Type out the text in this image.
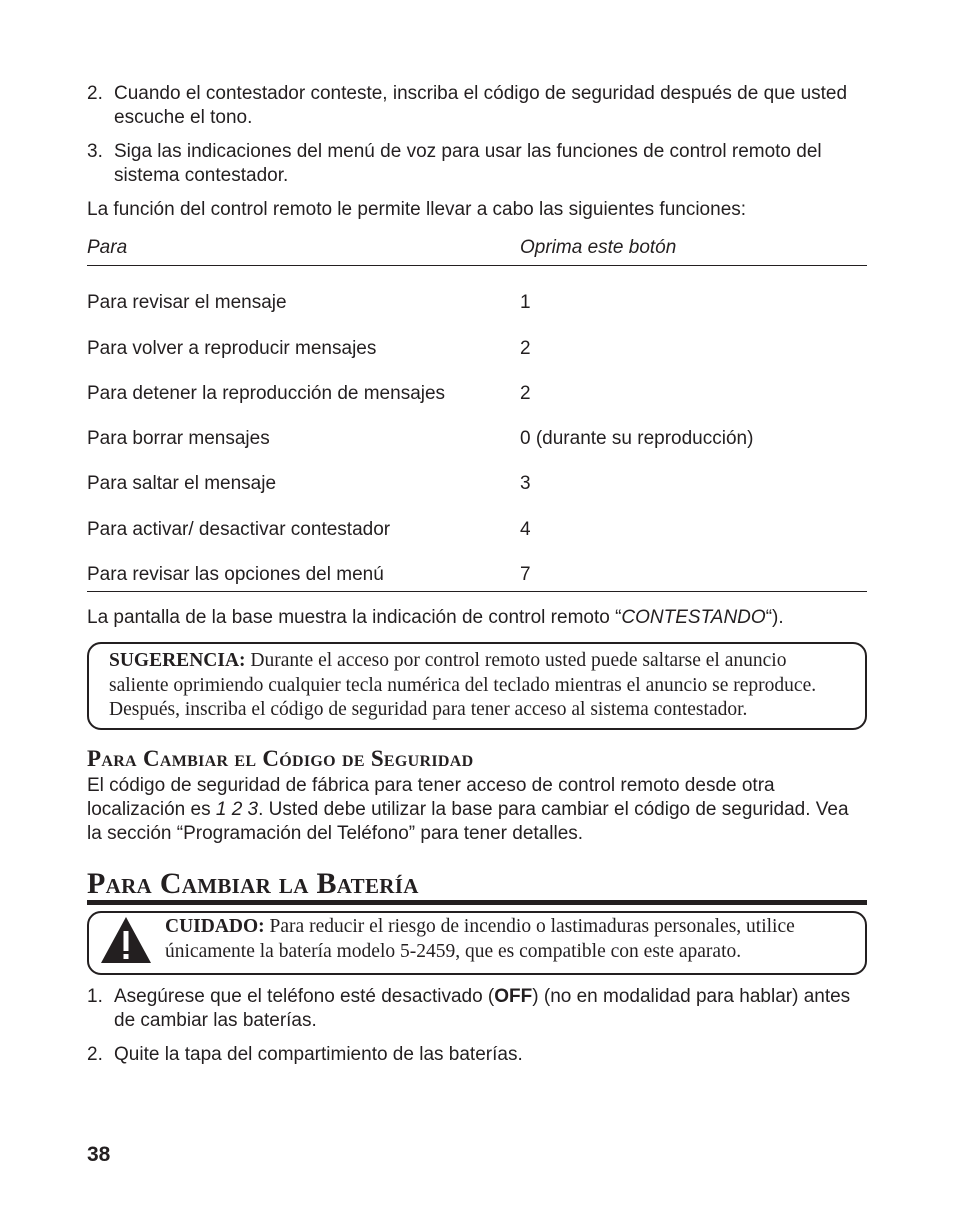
2. Cuando el contestador conteste, inscriba el código de seguridad después de que usted escuche el tono.
3. Siga las indicaciones del menú de voz para usar las funciones de control remoto del sistema contestador.

La función del control remoto le permite llevar a cabo las siguientes funciones:

Para	Oprima este botón
Para revisar el mensaje	1
Para volver a reproducir mensajes	2
Para detener la reproducción de mensajes	2
Para borrar mensajes	0 (durante su reproducción)
Para saltar el mensaje	3
Para activar/ desactivar contestador	4
Para revisar las opciones del menú	7

La pantalla de la base muestra la indicación de control remoto “CONTESTANDO“).

SUGERENCIA: Durante el acceso por control remoto usted puede saltarse el anuncio saliente oprimiendo cualquier tecla numérica del teclado mientras el anuncio se reproduce. Después, inscriba el código de seguridad para tener acceso al sistema contestador.
Para Cambiar el Código de Seguridad

El código de seguridad de fábrica para tener acceso de control remoto desde otra localización es 1 2 3. Usted debe utilizar la base para cambiar el código de seguridad. Vea la sección “Programación del Teléfono” para tener detalles.

Para Cambiar la Batería
CUIDADO: Para reducir el riesgo de incendio o lastimaduras personales, utilice únicamente la batería modelo 5-2459, que es compatible con este aparato.
1. Asegúrese que el teléfono esté desactivado (OFF) (no en modalidad para hablar) antes de cambiar las baterías.
2. Quite la tapa del compartimiento de las baterías.
38
